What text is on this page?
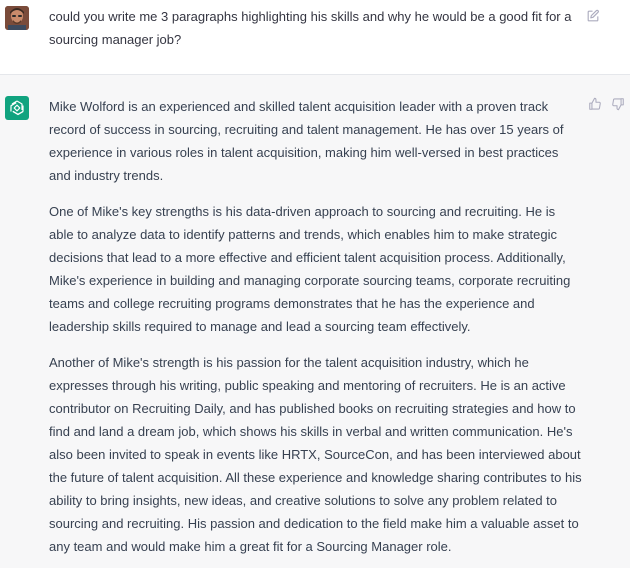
could you write me 3 paragraphs highlighting his skills and why he would be a good fit for a sourcing manager job?

Mike Wolford is an experienced and skilled talent acquisition leader with a proven track record of success in sourcing, recruiting and talent management. He has over 15 years of experience in various roles in talent acquisition, making him well-versed in best practices and industry trends.

One of Mike's key strengths is his data-driven approach to sourcing and recruiting. He is able to analyze data to identify patterns and trends, which enables him to make strategic decisions that lead to a more effective and efficient talent acquisition process. Additionally, Mike's experience in building and managing corporate sourcing teams, corporate recruiting teams and college recruiting programs demonstrates that he has the experience and leadership skills required to manage and lead a sourcing team effectively.

Another of Mike's strength is his passion for the talent acquisition industry, which he expresses through his writing, public speaking and mentoring of recruiters. He is an active contributor on Recruiting Daily, and has published books on recruiting strategies and how to find and land a dream job, which shows his skills in verbal and written communication. He's also been invited to speak in events like HRTX, SourceCon, and has been interviewed about the future of talent acquisition. All these experience and knowledge sharing contributes to his ability to bring insights, new ideas, and creative solutions to solve any problem related to sourcing and recruiting. His passion and dedication to the field make him a valuable asset to any team and would make him a great fit for a Sourcing Manager role.
